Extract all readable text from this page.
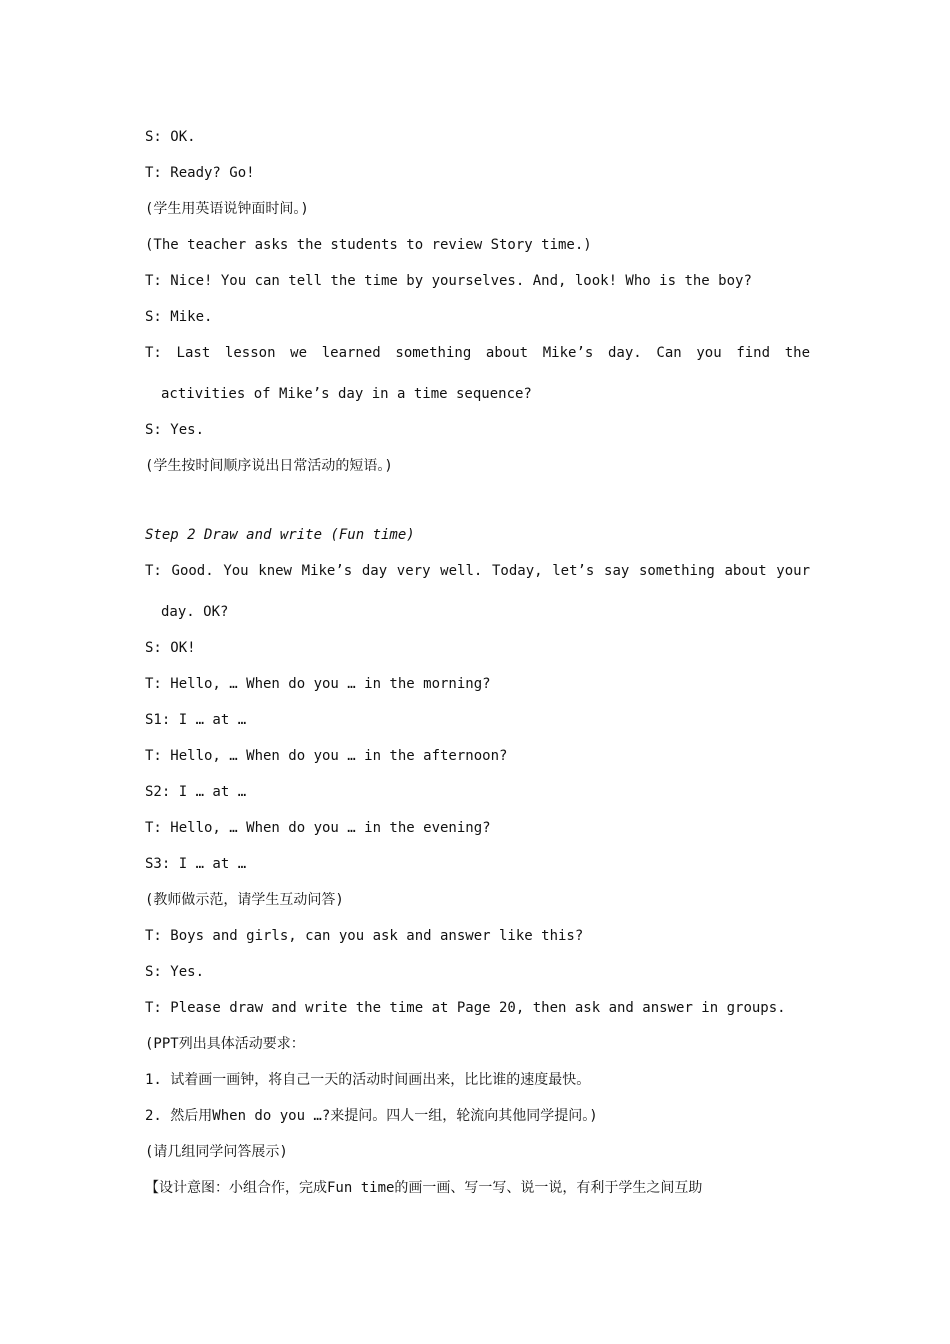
S: OK.
T: Ready? Go!
(学生用英语说钟面时间。)
(The teacher asks the students to review Story time.)
T: Nice! You can tell the time by yourselves. And, look! Who is the boy?
S: Mike.
T: Last lesson we learned something about Mike’s day. Can you find the
activities of Mike’s day in a time sequence?
S: Yes.
(学生按时间顺序说出日常活动的短语。)
Step 2 Draw and write (Fun time)
T: Good. You knew Mike’s day very well. Today, let’s say something about your
day. OK?
S: OK!
T: Hello, … When do you … in the morning?
S1: I … at …
T: Hello, … When do you … in the afternoon?
S2: I … at …
T: Hello, … When do you … in the evening?
S3: I … at …
(教师做示范，请学生互动问答)
T: Boys and girls, can you ask and answer like this?
S: Yes.
T: Please draw and write the time at Page 20, then ask and answer in groups.
(PPT列出具体活动要求：
1. 试着画一画钟，将自己一天的活动时间画出来，比比谁的速度最快。
2. 然后用When do you …?来提问。四人一组，轮流向其他同学提问。)
(请几组同学问答展示)
【设计意图：小组合作，完成Fun time的画一画、写一写、说一说，有利于学生之间互助
